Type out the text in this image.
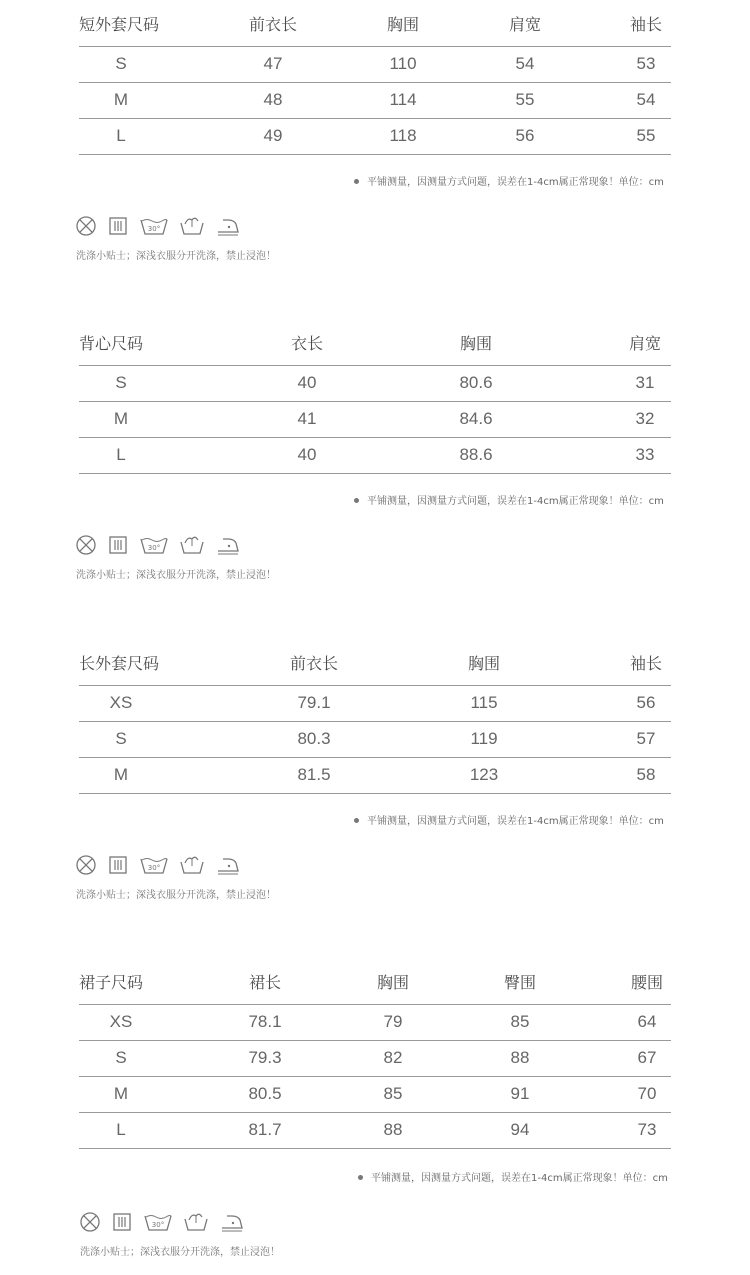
短外套尺码	前衣长	胸围	肩宽	袖长
S	47	110	54	53
M	48	114	55	54
L	49	118	56	55
平铺测量，因测量方式问题，误差在1-4cm属正常现象！单位：cm

30°

洗涤小贴士；深浅衣服分开洗涤，禁止浸泡！
背心尺码	衣长	胸围	肩宽
S	40	80.6	31
M	41	84.6	32
L	40	88.6	33
平铺测量，因测量方式问题，误差在1-4cm属正常现象！单位：cm

30°

洗涤小贴士；深浅衣服分开洗涤，禁止浸泡！
长外套尺码	前衣长	胸围	袖长
XS	79.1	115	56
S	80.3	119	57
M	81.5	123	58
平铺测量，因测量方式问题，误差在1-4cm属正常现象！单位：cm

30°

洗涤小贴士；深浅衣服分开洗涤，禁止浸泡！
裙子尺码	裙长	胸围	臀围	腰围
XS	78.1	79	85	64
S	79.3	82	88	67
M	80.5	85	91	70
L	81.7	88	94	73
平铺测量，因测量方式问题，误差在1-4cm属正常现象！单位：cm

30°

洗涤小贴士；深浅衣服分开洗涤，禁止浸泡！
